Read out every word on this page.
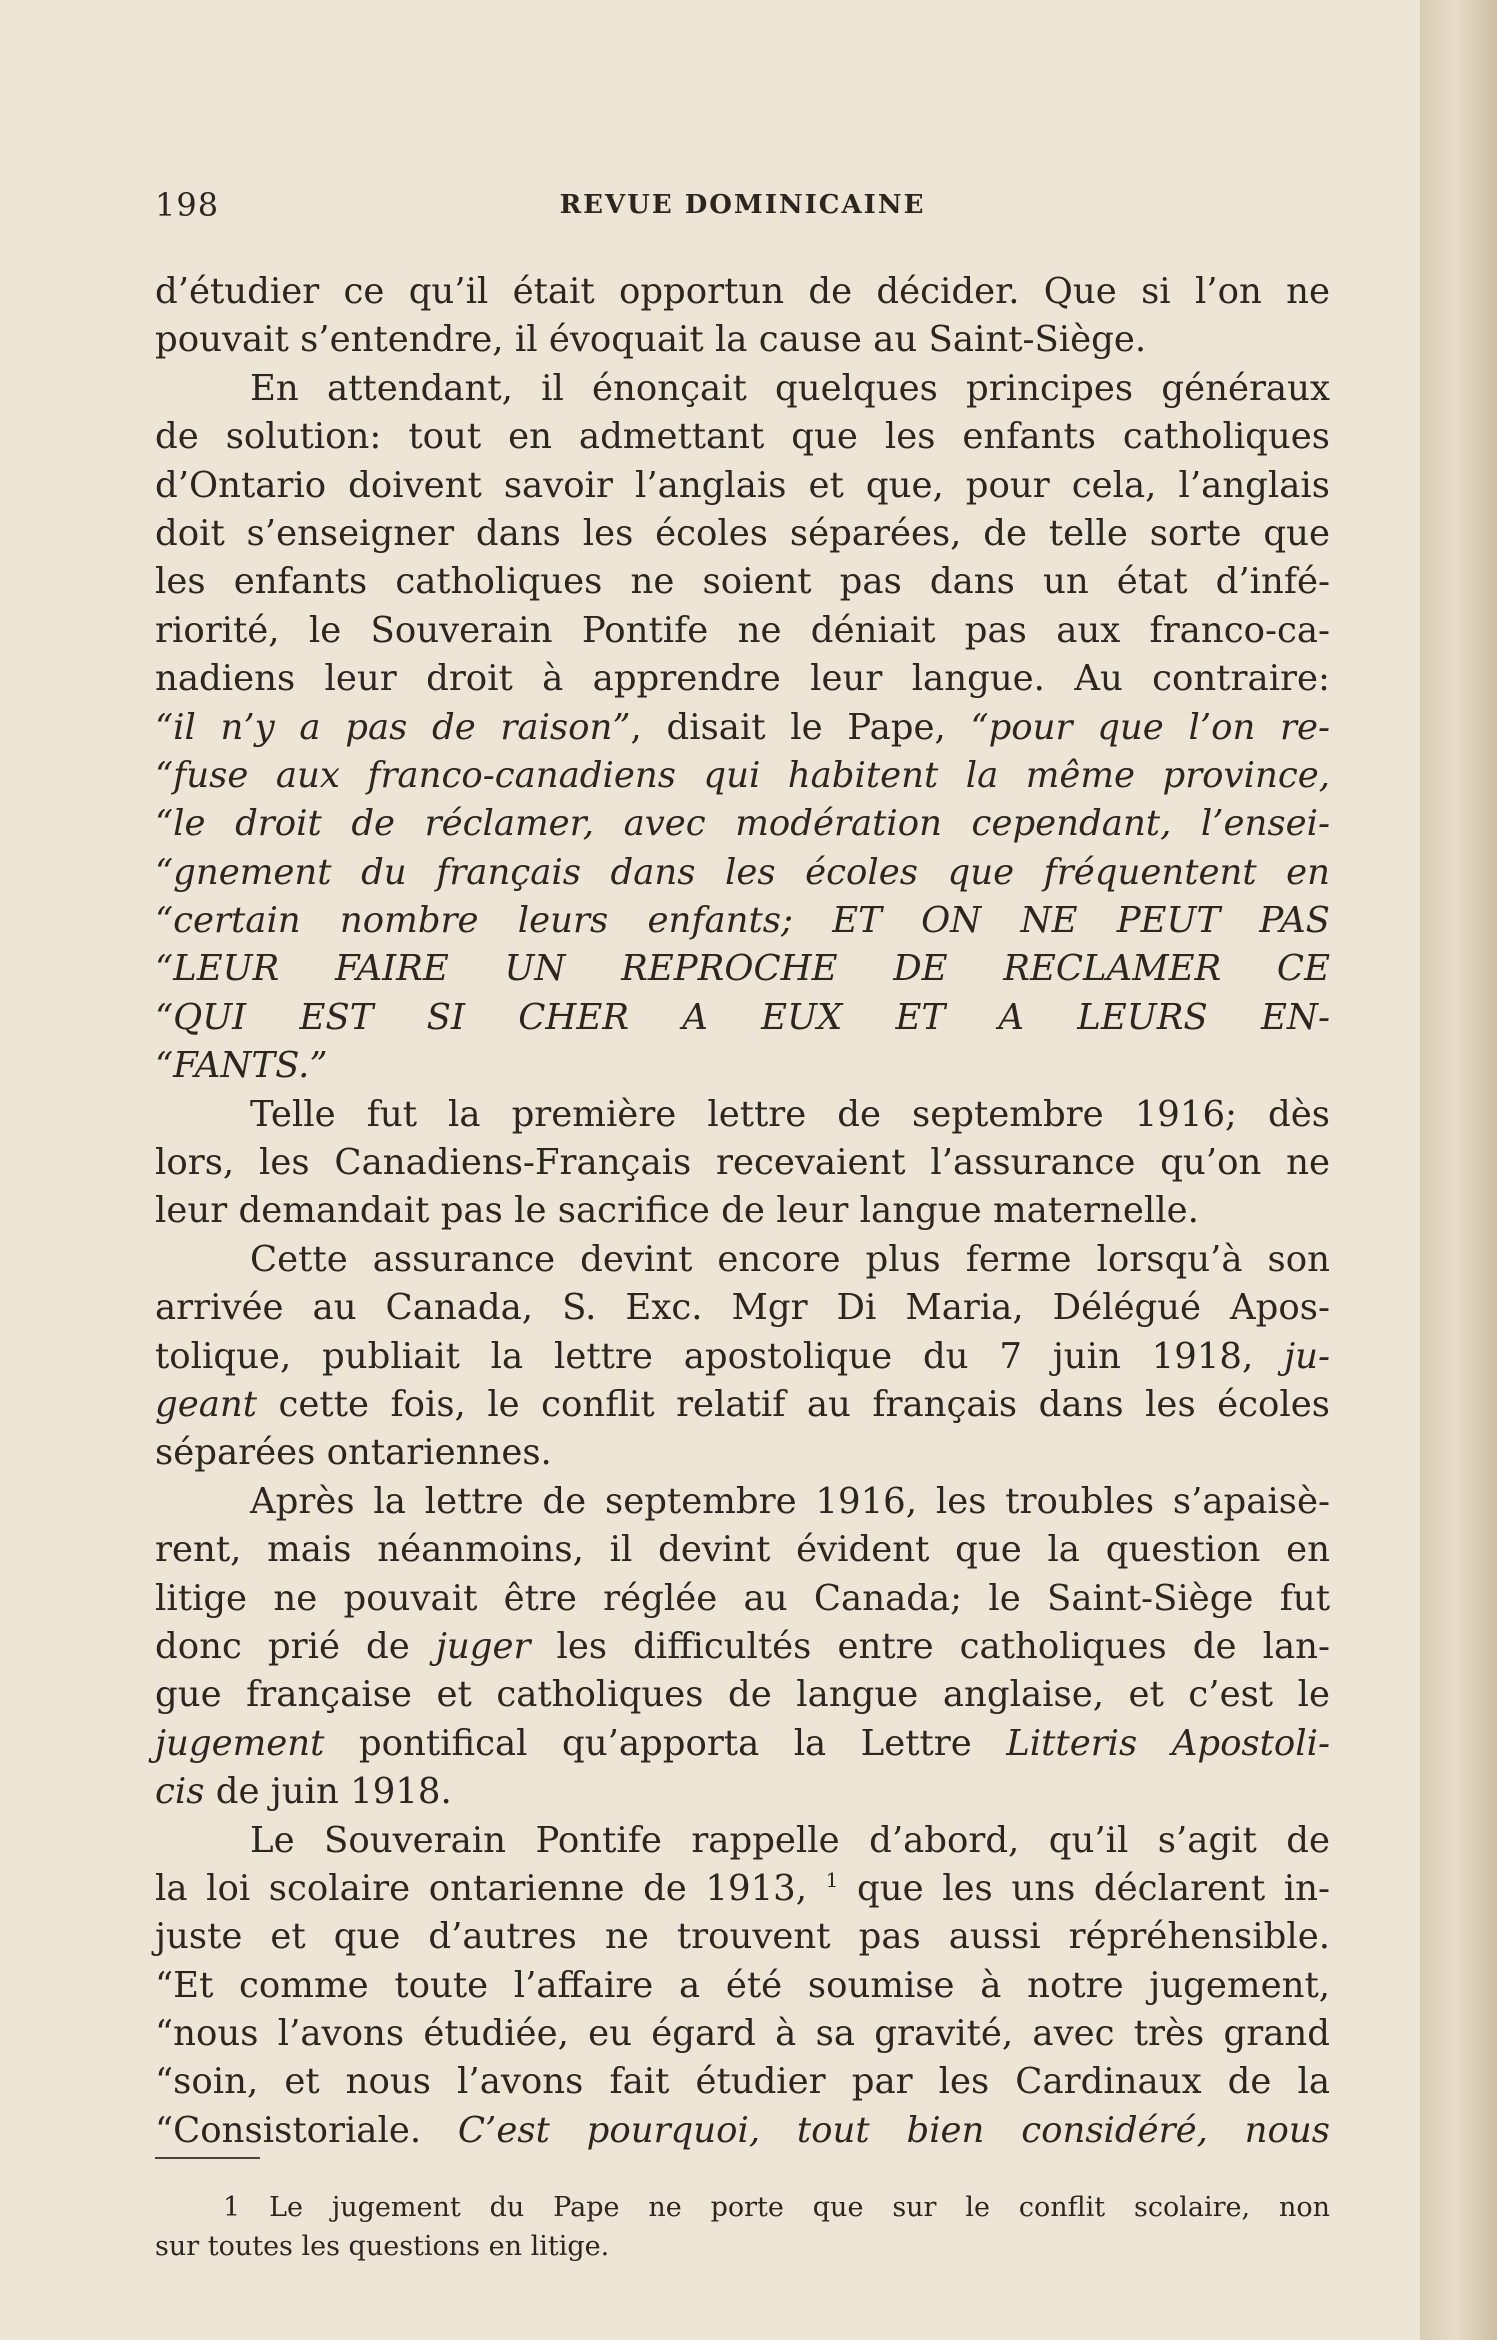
198	REVUE DOMINICAINE
d’étudier ce qu’il était opportun de décider. Que si l’on ne
pouvait s’entendre, il évoquait la cause au Saint-Siège.
En attendant, il énonçait quelques principes généraux
de solution: tout en admettant que les enfants catholiques
d’Ontario doivent savoir l’anglais et que, pour cela, l’anglais
doit s’enseigner dans les écoles séparées, de telle sorte que
les enfants catholiques ne soient pas dans un état d’infé-
riorité, le Souverain Pontife ne déniait pas aux franco-ca-
nadiens leur droit à apprendre leur langue. Au contraire:
“il n’y a pas de raison”, disait le Pape, “pour que l’on re-
“fuse aux franco-canadiens qui habitent la même province,
“le droit de réclamer, avec modération cependant, l’ensei-
“gnement du français dans les écoles que fréquentent en
“certain nombre leurs enfants; ET ON NE PEUT PAS
“LEUR FAIRE UN REPROCHE DE RECLAMER CE
“QUI EST SI CHER A EUX ET A LEURS EN-
“FANTS.”
Telle fut la première lettre de septembre 1916; dès
lors, les Canadiens-Français recevaient l’assurance qu’on ne
leur demandait pas le sacrifice de leur langue maternelle.
Cette assurance devint encore plus ferme lorsqu’à son
arrivée au Canada, S. Exc. Mgr Di Maria, Délégué Apos-
tolique, publiait la lettre apostolique du 7 juin 1918, ju-
geant cette fois, le conflit relatif au français dans les écoles
séparées ontariennes.
Après la lettre de septembre 1916, les troubles s’apaisè-
rent, mais néanmoins, il devint évident que la question en
litige ne pouvait être réglée au Canada; le Saint-Siège fut
donc prié de juger les difficultés entre catholiques de lan-
gue française et catholiques de langue anglaise, et c’est le
jugement pontifical qu’apporta la Lettre Litteris Apostoli-
cis de juin 1918.
Le Souverain Pontife rappelle d’abord, qu’il s’agit de
la loi scolaire ontarienne de 1913, $^1$ que les uns déclarent in-
juste et que d’autres ne trouvent pas aussi répréhensible.
“Et comme toute l’affaire a été soumise à notre jugement,
“nous l’avons étudiée, eu égard à sa gravité, avec très grand
“soin, et nous l’avons fait étudier par les Cardinaux de la
“Consistoriale. C’est pourquoi, tout bien considéré, nous
1 Le jugement du Pape ne porte que sur le conflit scolaire, non
sur toutes les questions en litige.
